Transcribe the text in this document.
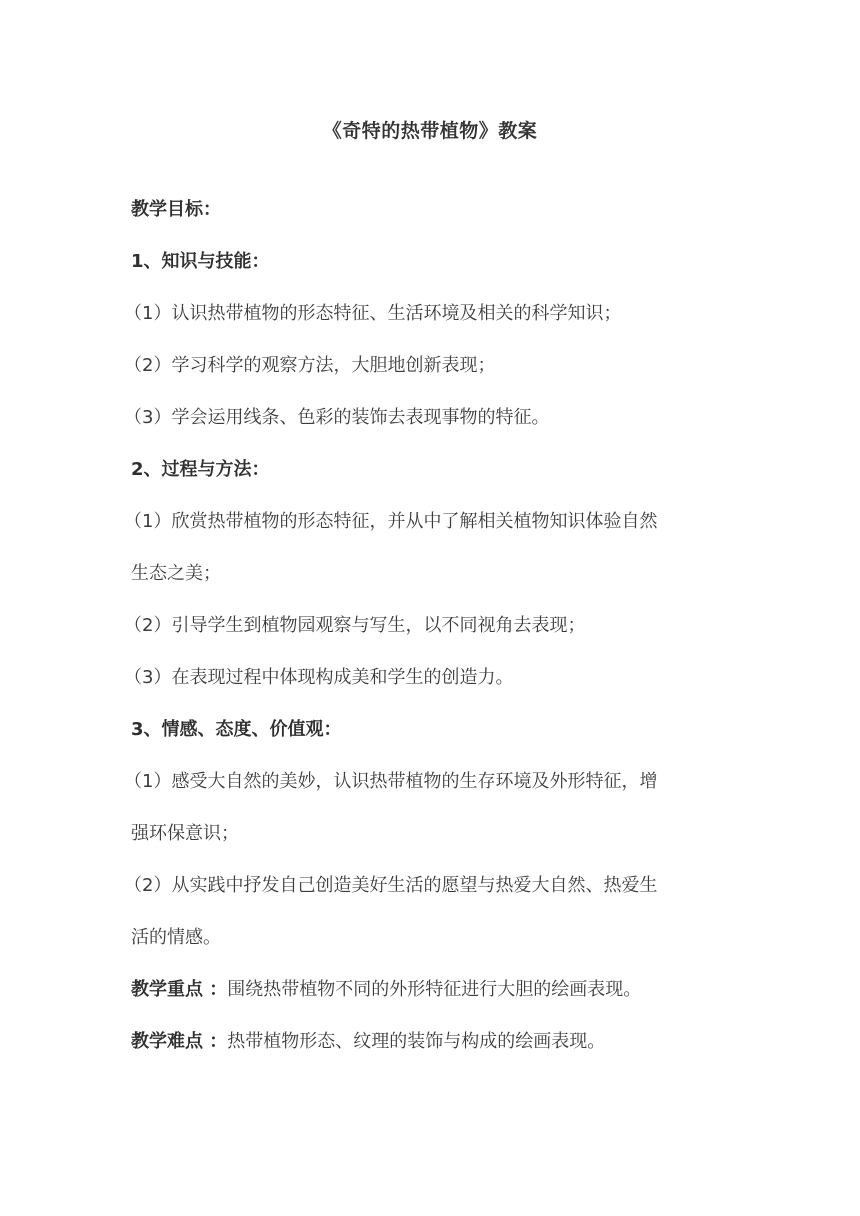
《奇特的热带植物》教案
教学目标：
1、知识与技能：
（1）认识热带植物的形态特征、生活环境及相关的科学知识；
（2）学习科学的观察方法，大胆地创新表现；
（3）学会运用线条、色彩的装饰去表现事物的特征。
2、过程与方法：
（1）欣赏热带植物的形态特征，并从中了解相关植物知识体验自然
生态之美；
（2）引导学生到植物园观察与写生，以不同视角去表现；
（3）在表现过程中体现构成美和学生的创造力。
3、情感、态度、价值观：
（1）感受大自然的美妙，认识热带植物的生存环境及外形特征，增
强环保意识；
（2）从实践中抒发自己创造美好生活的愿望与热爱大自然、热爱生
活的情感。
教学重点 ：围绕热带植物不同的外形特征进行大胆的绘画表现。
教学难点 ：热带植物形态、纹理的装饰与构成的绘画表现。
